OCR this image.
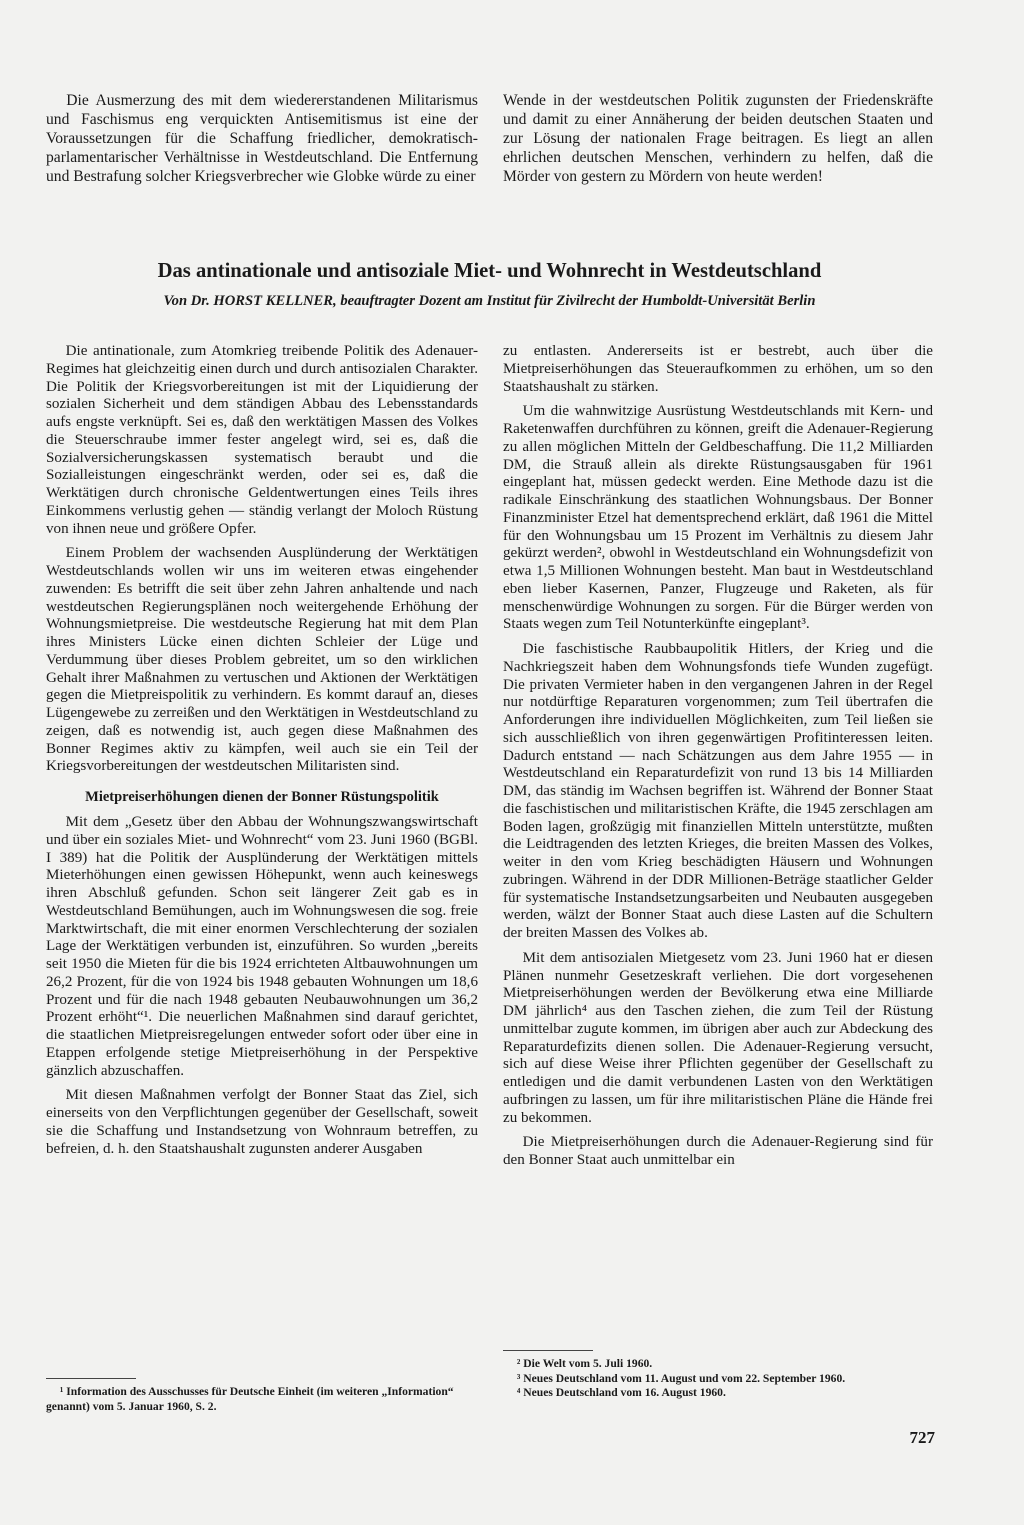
Die Ausmerzung des mit dem wiedererstandenen Militarismus und Faschismus eng verquickten Antisemitismus ist eine der Voraussetzungen für die Schaffung friedlicher, demokratisch-parlamentarischer Verhältnisse in Westdeutschland. Die Entfernung und Bestrafung solcher Kriegsverbrecher wie Globke würde zu einer

Wende in der westdeutschen Politik zugunsten der Friedenskräfte und damit zu einer Annäherung der beiden deutschen Staaten und zur Lösung der nationalen Frage beitragen. Es liegt an allen ehrlichen deutschen Menschen, verhindern zu helfen, daß die Mörder von gestern zu Mördern von heute werden!

Das antinationale und antisoziale Miet- und Wohnrecht in Westdeutschland
Von Dr. HORST KELLNER, beauftragter Dozent am Institut für Zivilrecht der Humboldt-Universität Berlin

Die antinationale, zum Atomkrieg treibende Politik des Adenauer-Regimes hat gleichzeitig einen durch und durch antisozialen Charakter. Die Politik der Kriegsvorbereitungen ist mit der Liquidierung der sozialen Sicherheit und dem ständigen Abbau des Lebensstandards aufs engste verknüpft. Sei es, daß den werktätigen Massen des Volkes die Steuerschraube immer fester angelegt wird, sei es, daß die Sozialversicherungskassen systematisch beraubt und die Sozialleistungen eingeschränkt werden, oder sei es, daß die Werktätigen durch chronische Geldentwertungen eines Teils ihres Einkommens verlustig gehen — ständig verlangt der Moloch Rüstung von ihnen neue und größere Opfer.

Einem Problem der wachsenden Ausplünderung der Werktätigen Westdeutschlands wollen wir uns im weiteren etwas eingehender zuwenden: Es betrifft die seit über zehn Jahren anhaltende und nach westdeutschen Regierungsplänen noch weitergehende Erhöhung der Wohnungsmietpreise. Die westdeutsche Regierung hat mit dem Plan ihres Ministers Lücke einen dichten Schleier der Lüge und Verdummung über dieses Problem gebreitet, um so den wirklichen Gehalt ihrer Maßnahmen zu vertuschen und Aktionen der Werktätigen gegen die Mietpreispolitik zu verhindern. Es kommt darauf an, dieses Lügengewebe zu zerreißen und den Werktätigen in Westdeutschland zu zeigen, daß es notwendig ist, auch gegen diese Maßnahmen des Bonner Regimes aktiv zu kämpfen, weil auch sie ein Teil der Kriegsvorbereitungen der westdeutschen Militaristen sind.

Mietpreiserhöhungen dienen der Bonner Rüstungspolitik

Mit dem „Gesetz über den Abbau der Wohnungszwangswirtschaft und über ein soziales Miet- und Wohnrecht“ vom 23. Juni 1960 (BGBl. I 389) hat die Politik der Ausplünderung der Werktätigen mittels Mieterhöhungen einen gewissen Höhepunkt, wenn auch keineswegs ihren Abschluß gefunden. Schon seit längerer Zeit gab es in Westdeutschland Bemühungen, auch im Wohnungswesen die sog. freie Marktwirtschaft, die mit einer enormen Verschlechterung der sozialen Lage der Werktätigen verbunden ist, einzuführen. So wurden „bereits seit 1950 die Mieten für die bis 1924 errichteten Altbauwohnungen um 26,2 Prozent, für die von 1924 bis 1948 gebauten Wohnungen um 18,6 Prozent und für die nach 1948 gebauten Neubauwohnungen um 36,2 Prozent erhöht“¹. Die neuerlichen Maßnahmen sind darauf gerichtet, die staatlichen Mietpreisregelungen entweder sofort oder über eine in Etappen erfolgende stetige Mietpreiserhöhung in der Perspektive gänzlich abzuschaffen.

Mit diesen Maßnahmen verfolgt der Bonner Staat das Ziel, sich einerseits von den Verpflichtungen gegenüber der Gesellschaft, soweit sie die Schaffung und Instandsetzung von Wohnraum betreffen, zu befreien, d. h. den Staatshaushalt zugunsten anderer Ausgaben

zu entlasten. Andererseits ist er bestrebt, auch über die Mietpreiserhöhungen das Steueraufkommen zu erhöhen, um so den Staatshaushalt zu stärken.

Um die wahnwitzige Ausrüstung Westdeutschlands mit Kern- und Raketenwaffen durchführen zu können, greift die Adenauer-Regierung zu allen möglichen Mitteln der Geldbeschaffung. Die 11,2 Milliarden DM, die Strauß allein als direkte Rüstungsausgaben für 1961 eingeplant hat, müssen gedeckt werden. Eine Methode dazu ist die radikale Einschränkung des staatlichen Wohnungsbaus. Der Bonner Finanzminister Etzel hat dementsprechend erklärt, daß 1961 die Mittel für den Wohnungsbau um 15 Prozent im Verhältnis zu diesem Jahr gekürzt werden², obwohl in Westdeutschland ein Wohnungsdefizit von etwa 1,5 Millionen Wohnungen besteht. Man baut in Westdeutschland eben lieber Kasernen, Panzer, Flugzeuge und Raketen, als für menschenwürdige Wohnungen zu sorgen. Für die Bürger werden von Staats wegen zum Teil Notunterkünfte eingeplant³.

Die faschistische Raubbaupolitik Hitlers, der Krieg und die Nachkriegszeit haben dem Wohnungsfonds tiefe Wunden zugefügt. Die privaten Vermieter haben in den vergangenen Jahren in der Regel nur notdürftige Reparaturen vorgenommen; zum Teil übertrafen die Anforderungen ihre individuellen Möglichkeiten, zum Teil ließen sie sich ausschließlich von ihren gegenwärtigen Profitinteressen leiten. Dadurch entstand — nach Schätzungen aus dem Jahre 1955 — in Westdeutschland ein Reparaturdefizit von rund 13 bis 14 Milliarden DM, das ständig im Wachsen begriffen ist. Während der Bonner Staat die faschistischen und militaristischen Kräfte, die 1945 zerschlagen am Boden lagen, großzügig mit finanziellen Mitteln unterstützte, mußten die Leidtragenden des letzten Krieges, die breiten Massen des Volkes, weiter in den vom Krieg beschädigten Häusern und Wohnungen zubringen. Während in der DDR Millionen-Beträge staatlicher Gelder für systematische Instandsetzungsarbeiten und Neubauten ausgegeben werden, wälzt der Bonner Staat auch diese Lasten auf die Schultern der breiten Massen des Volkes ab.

Mit dem antisozialen Mietgesetz vom 23. Juni 1960 hat er diesen Plänen nunmehr Gesetzeskraft verliehen. Die dort vorgesehenen Mietpreiserhöhungen werden der Bevölkerung etwa eine Milliarde DM jährlich⁴ aus den Taschen ziehen, die zum Teil der Rüstung unmittelbar zugute kommen, im übrigen aber auch zur Abdeckung des Reparaturdefizits dienen sollen. Die Adenauer-Regierung versucht, sich auf diese Weise ihrer Pflichten gegenüber der Gesellschaft zu entledigen und die damit verbundenen Lasten von den Werktätigen aufbringen zu lassen, um für ihre militaristischen Pläne die Hände frei zu bekommen.

Die Mietpreiserhöhungen durch die Adenauer-Regierung sind für den Bonner Staat auch unmittelbar ein

¹ Information des Ausschusses für Deutsche Einheit (im weiteren „Information“ genannt) vom 5. Januar 1960, S. 2.

² Die Welt vom 5. Juli 1960.

³ Neues Deutschland vom 11. August und vom 22. September 1960.

⁴ Neues Deutschland vom 16. August 1960.

727
